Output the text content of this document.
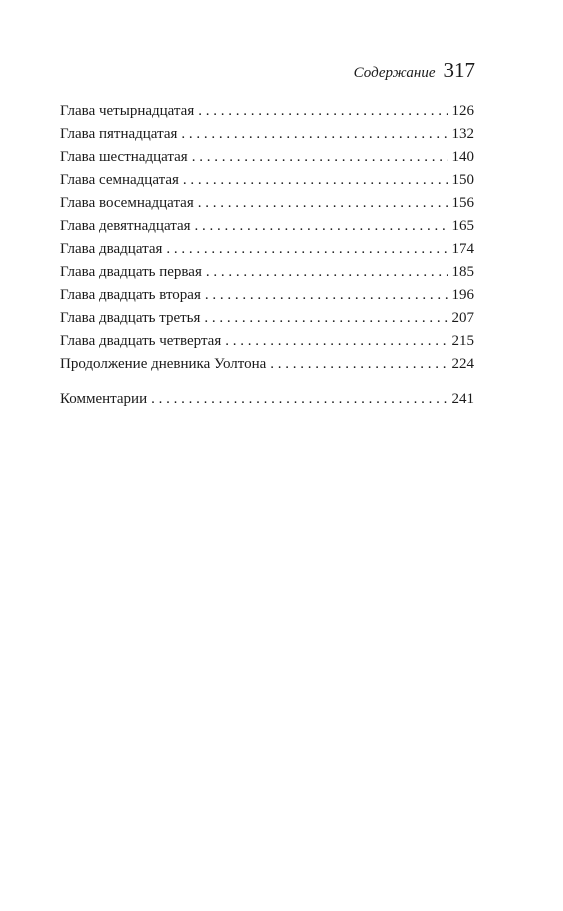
Содержание 317
Глава четырнадцатая . . .	126
Глава пятнадцатая . . .	132
Глава шестнадцатая . . .	140
Глава семнадцатая . . .	150
Глава восемнадцатая . . .	156
Глава девятнадцатая . . .	165
Глава двадцатая . . .	174
Глава двадцать первая . . .	185
Глава двадцать вторая . . .	196
Глава двадцать третья . . .	207
Глава двадцать четвертая . . .	215
Продолжение дневника Уолтона . . .	224
Комментарии . . .	241
